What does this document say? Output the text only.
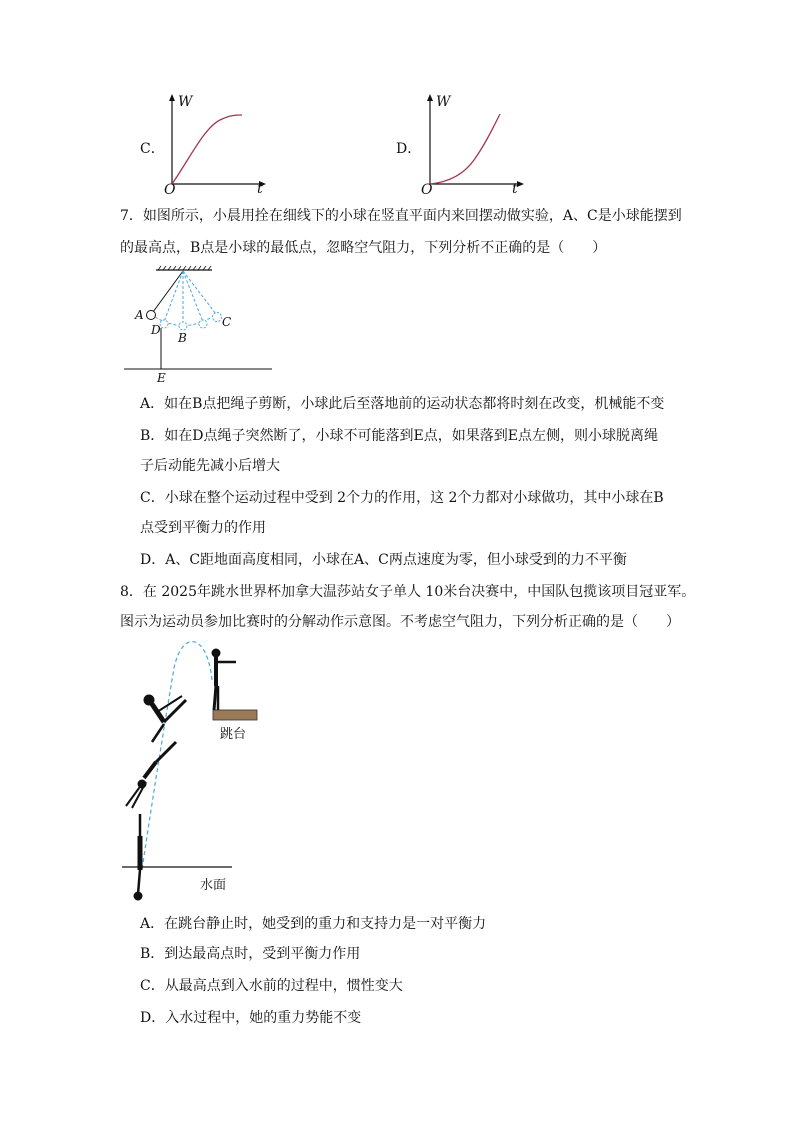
C．
W
t
O
D．
W
t
O
7．如图所示，小晨用拴在细线下的小球在竖直平面内来回摆动做实验，A、C是小球能摆到
的最高点，B点是小球的最低点，忽略空气阻力，下列分析不正确的是（　　）
A
D
B
C
E
A．如在B点把绳子剪断，小球此后至落地前的运动状态都将时刻在改变，机械能不变
B．如在D点绳子突然断了，小球不可能落到E点，如果落到E点左侧，则小球脱离绳
子后动能先减小后增大
C．小球在整个运动过程中受到 2个力的作用，这 2个力都对小球做功，其中小球在B
点受到平衡力的作用
D．A、C距地面高度相同，小球在A、C两点速度为零，但小球受到的力不平衡
8．在 2025年跳水世界杯加拿大温莎站女子单人 10米台决赛中，中国队包揽该项目冠亚军。
图示为运动员参加比赛时的分解动作示意图。不考虑空气阻力，下列分析正确的是（　　）
跳台
水面
A．在跳台静止时，她受到的重力和支持力是一对平衡力
B．到达最高点时，受到平衡力作用
C．从最高点到入水前的过程中，惯性变大
D．入水过程中，她的重力势能不变
